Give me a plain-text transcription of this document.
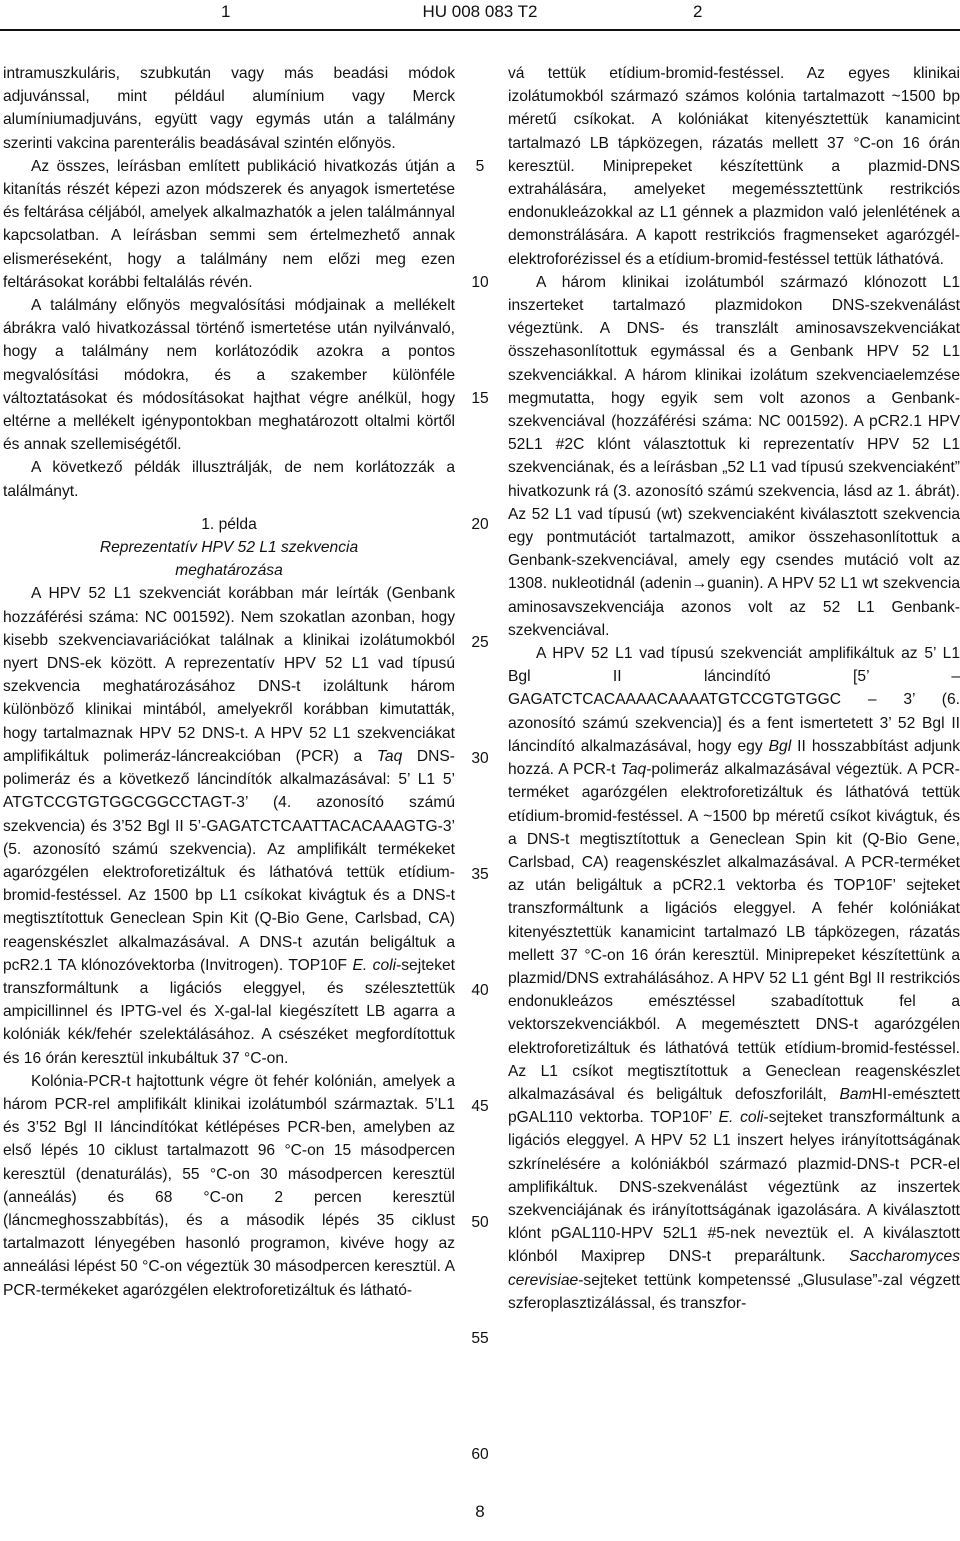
1	HU 008 083 T2	2

intramuszkuláris, szubkután vagy más beadási módok adjuvánssal, mint például alumínium vagy Merck alumíniumadjuváns, együtt vagy egymás után a találmány szerinti vakcina parenterális beadásával szintén előnyös.

Az összes, leírásban említett publikáció hivatkozás útján a kitanítás részét képezi azon módszerek és anyagok ismertetése és feltárása céljából, amelyek alkalmazhatók a jelen találmánnyal kapcsolatban. A leírásban semmi sem értelmezhető annak elismeréseként, hogy a találmány nem előzi meg ezen feltárásokat korábbi feltalálás révén.

A találmány előnyös megvalósítási módjainak a mellékelt ábrákra való hivatkozással történő ismertetése után nyilvánvaló, hogy a találmány nem korlátozódik azokra a pontos megvalósítási módokra, és a szakember különféle változtatásokat és módosításokat hajthat végre anélkül, hogy eltérne a mellékelt igénypontokban meghatározott oltalmi körtől és annak szellemiségétől.

A következő példák illusztrálják, de nem korlátozzák a találmányt.

1. példa

Reprezentatív HPV 52 L1 szekvencia

meghatározása

A HPV 52 L1 szekvenciát korábban már leírták (Genbank hozzáférési száma: NC 001592). Nem szokatlan azonban, hogy kisebb szekvenciavariációkat találnak a klinikai izolátumokból nyert DNS-ek között. A reprezentatív HPV 52 L1 vad típusú szekvencia meghatározásához DNS-t izoláltunk három különböző klinikai mintából, amelyekről korábban kimutatták, hogy tartalmaznak HPV 52 DNS-t. A HPV 52 L1 szekvenciákat amplifikáltuk polimeráz-láncreakcióban (PCR) a Taq DNS-polimeráz és a következő láncindítók alkalmazásával: 5’ L1 5’ ATGTCCGTGTGGCGGCCTAGT-3’ (4. azonosító számú szekvencia) és 3’52 Bgl II 5’-GAGATCTCAATTACACAAAGTG-3’ (5. azonosító számú szekvencia). Az amplifikált termékeket agarózgélen elektroforetizáltuk és láthatóvá tettük etídium-bromid-festéssel. Az 1500 bp L1 csíkokat kivágtuk és a DNS-t megtisztítottuk Geneclean Spin Kit (Q-Bio Gene, Carlsbad, CA) reagenskészlet alkalmazásával. A DNS-t azután beligáltuk a pcR2.1 TA klónozóvektorba (Invitrogen). TOP10F E. coli-sejteket transzformáltunk a ligációs eleggyel, és szélesztettük ampicillinnel és IPTG-vel és X-gal-lal kiegészített LB agarra a kolóniák kék/fehér szelektálásához. A csészéket megfordítottuk és 16 órán keresztül inkubáltuk 37 °C-on.

Kolónia-PCR-t hajtottunk végre öt fehér kolónián, amelyek a három PCR-rel amplifikált klinikai izolátumból származtak. 5’L1 és 3’52 Bgl II láncindítókat kétlépéses PCR-ben, amelyben az első lépés 10 ciklust tartalmazott 96 °C-on 15 másodpercen keresztül (denaturálás), 55 °C-on 30 másodpercen keresztül (anneálás) és 68 °C-on 2 percen keresztül (láncmeghosszabbítás), és a második lépés 35 ciklust tartalmazott lényegében hasonló programon, kivéve hogy az anneálási lépést 50 °C-on végeztük 30 másodpercen keresztül. A PCR-termékeket agarózgélen elektroforetizáltuk és látható-

vá tettük etídium-bromid-festéssel. Az egyes klinikai izolátumokból származó számos kolónia tartalmazott ~1500 bp méretű csíkokat. A kolóniákat kitenyésztettük kanamicint tartalmazó LB tápközegen, rázatás mellett 37 °C-on 16 órán keresztül. Miniprepeket készítettünk a plazmid-DNS extrahálására, amelyeket megeméssztettünk restrikciós endonukleázokkal az L1 génnek a plazmidon való jelenlétének a demonstrálására. A kapott restrikciós fragmenseket agarózgél-elektroforézissel és a etídium-bromid-festéssel tettük láthatóvá.

A három klinikai izolátumból származó klónozott L1 inszerteket tartalmazó plazmidokon DNS-szekvenálást végeztünk. A DNS- és transzlált aminosavszekvenciákat összehasonlítottuk egymással és a Genbank HPV 52 L1 szekvenciákkal. A három klinikai izolátum szekvenciaelemzése megmutatta, hogy egyik sem volt azonos a Genbank-szekvenciával (hozzáférési száma: NC 001592). A pCR2.1 HPV 52L1 #2C klónt választottuk ki reprezentatív HPV 52 L1 szekvenciának, és a leírásban „52 L1 vad típusú szekvenciaként” hivatkozunk rá (3. azonosító számú szekvencia, lásd az 1. ábrát). Az 52 L1 vad típusú (wt) szekvenciaként kiválasztott szekvencia egy pontmutációt tartalmazott, amikor összehasonlítottuk a Genbank-szekvenciával, amely egy csendes mutáció volt az 1308. nukleotidnál (adenin→guanin). A HPV 52 L1 wt szekvencia aminosavszekvenciája azonos volt az 52 L1 Genbank-szekvenciával.

A HPV 52 L1 vad típusú szekvenciát amplifikáltuk az 5’ L1 Bgl II láncindító [5’ –GAGATCTCACAAAACAAAATGTCCGTGTGGC – 3’ (6. azonosító számú szekvencia)] és a fent ismertetett 3’ 52 Bgl II láncindító alkalmazásával, hogy egy Bgl II hosszabbítást adjunk hozzá. A PCR-t Taq-polimeráz alkalmazásával végeztük. A PCR-terméket agarózgélen elektroforetizáltuk és láthatóvá tettük etídium-bromid-festéssel. A ~1500 bp méretű csíkot kivágtuk, és a DNS-t megtisztítottuk a Geneclean Spin kit (Q-Bio Gene, Carlsbad, CA) reagenskészlet alkalmazásával. A PCR-terméket az után beligáltuk a pCR2.1 vektorba és TOP10F’ sejteket transzformáltunk a ligációs eleggyel. A fehér kolóniákat kitenyésztettük kanamicint tartalmazó LB tápközegen, rázatás mellett 37 °C-on 16 órán keresztül. Miniprepeket készítettünk a plazmid/DNS extrahálásához. A HPV 52 L1 gént Bgl II restrikciós endonukleázos emésztéssel szabadítottuk fel a vektorszekvenciákból. A megemésztett DNS-t agarózgélen elektroforetizáltuk és láthatóvá tettük etídium-bromid-festéssel. Az L1 csíkot megtisztítottuk a Geneclean reagenskészlet alkalmazásával és beligáltuk defoszforilált, BamHI-emésztett pGAL110 vektorba. TOP10F’ E. coli-sejteket transzformáltunk a ligációs eleggyel. A HPV 52 L1 inszert helyes irányítottságának szkrínelésére a kolóniákból származó plazmid-DNS-t PCR-el amplifikáltuk. DNS-szekvenálást végeztünk az inszertek szekvenciájának és irányítottságának igazolására. A kiválasztott klónt pGAL110-HPV 52L1 #5-nek neveztük el. A kiválasztott klónból Maxiprep DNS-t preparáltunk. Saccharomyces cerevisiae-sejteket tettünk kompetenssé „Glusulase”-zal végzett szferoplasztizálással, és transzfor-

5
10
15
20
25
30
35
40
45
50
55
60
8
